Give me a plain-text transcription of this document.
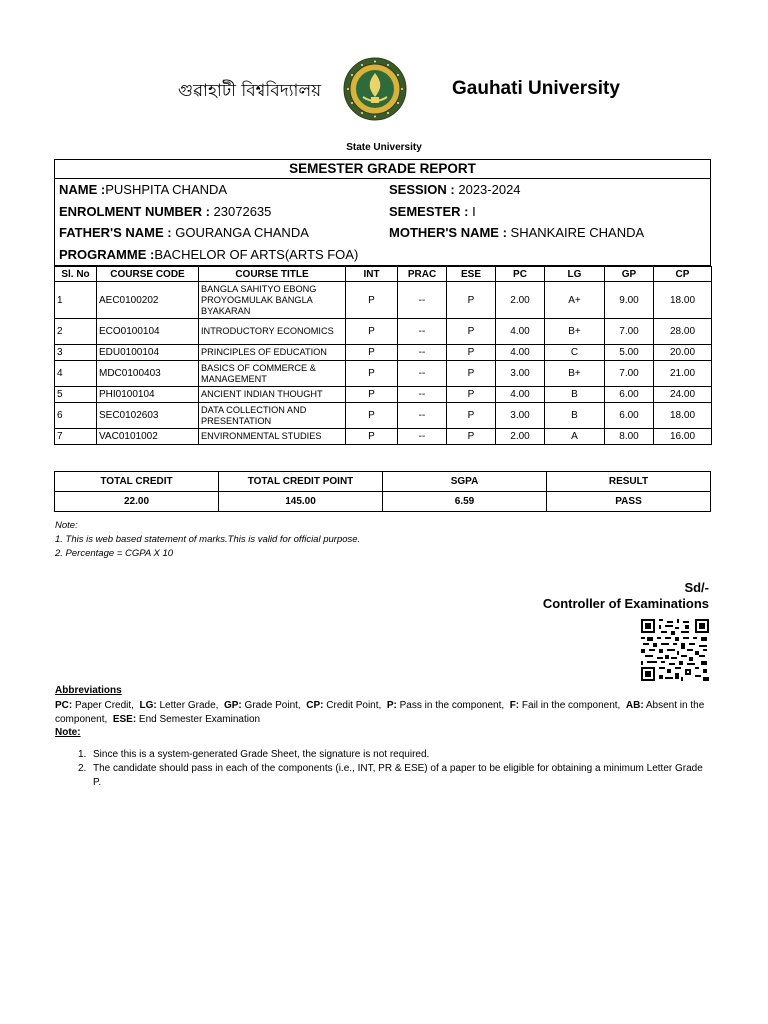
গুৱাহাটী বিশ্ববিদ্যালয়	Gauhati University
State University
SEMESTER GRADE REPORT
NAME :PUSHPITA CHANDA	SESSION : 2023-2024
ENROLMENT NUMBER : 23072635	SEMESTER : I
FATHER'S NAME : GOURANGA CHANDA	MOTHER'S NAME : SHANKAIRE CHANDA
PROGRAMME :BACHELOR OF ARTS(ARTS FOA)
Sl. No	COURSE CODE	COURSE TITLE	INT	PRAC	ESE	PC	LG	GP	CP
1	AEC0100202	BANGLA SAHITYO EBONG PROYOGMULAK BANGLA BYAKARAN	P	--	P	2.00	A+	9.00	18.00
2	ECO0100104	INTRODUCTORY ECONOMICS	P	--	P	4.00	B+	7.00	28.00
3	EDU0100104	PRINCIPLES OF EDUCATION	P	--	P	4.00	C	5.00	20.00
4	MDC0100403	BASICS OF COMMERCE & MANAGEMENT	P	--	P	3.00	B+	7.00	21.00
5	PHI0100104	ANCIENT INDIAN THOUGHT	P	--	P	4.00	B	6.00	24.00
6	SEC0102603	DATA COLLECTION AND PRESENTATION	P	--	P	3.00	B	6.00	18.00
7	VAC0101002	ENVIRONMENTAL STUDIES	P	--	P	2.00	A	8.00	16.00
TOTAL CREDIT	TOTAL CREDIT POINT	SGPA	RESULT
22.00	145.00	6.59	PASS
Note:
1. This is web based statement of marks.This is valid for official purpose.
2. Percentage = CGPA X 10
Sd/-
Controller of Examinations
Abbreviations
PC: Paper Credit,  LG: Letter Grade,  GP: Grade Point,  CP: Credit Point,  P: Pass in the component,  F: Fail in the component,  AB: Absent in the component,  ESE: End Semester Examination
Note:
1. Since this is a system-generated Grade Sheet, the signature is not required.
2. The candidate should pass in each of the components (i.e., INT, PR & ESE) of a paper to be eligible for obtaining a minimum Letter Grade P.
